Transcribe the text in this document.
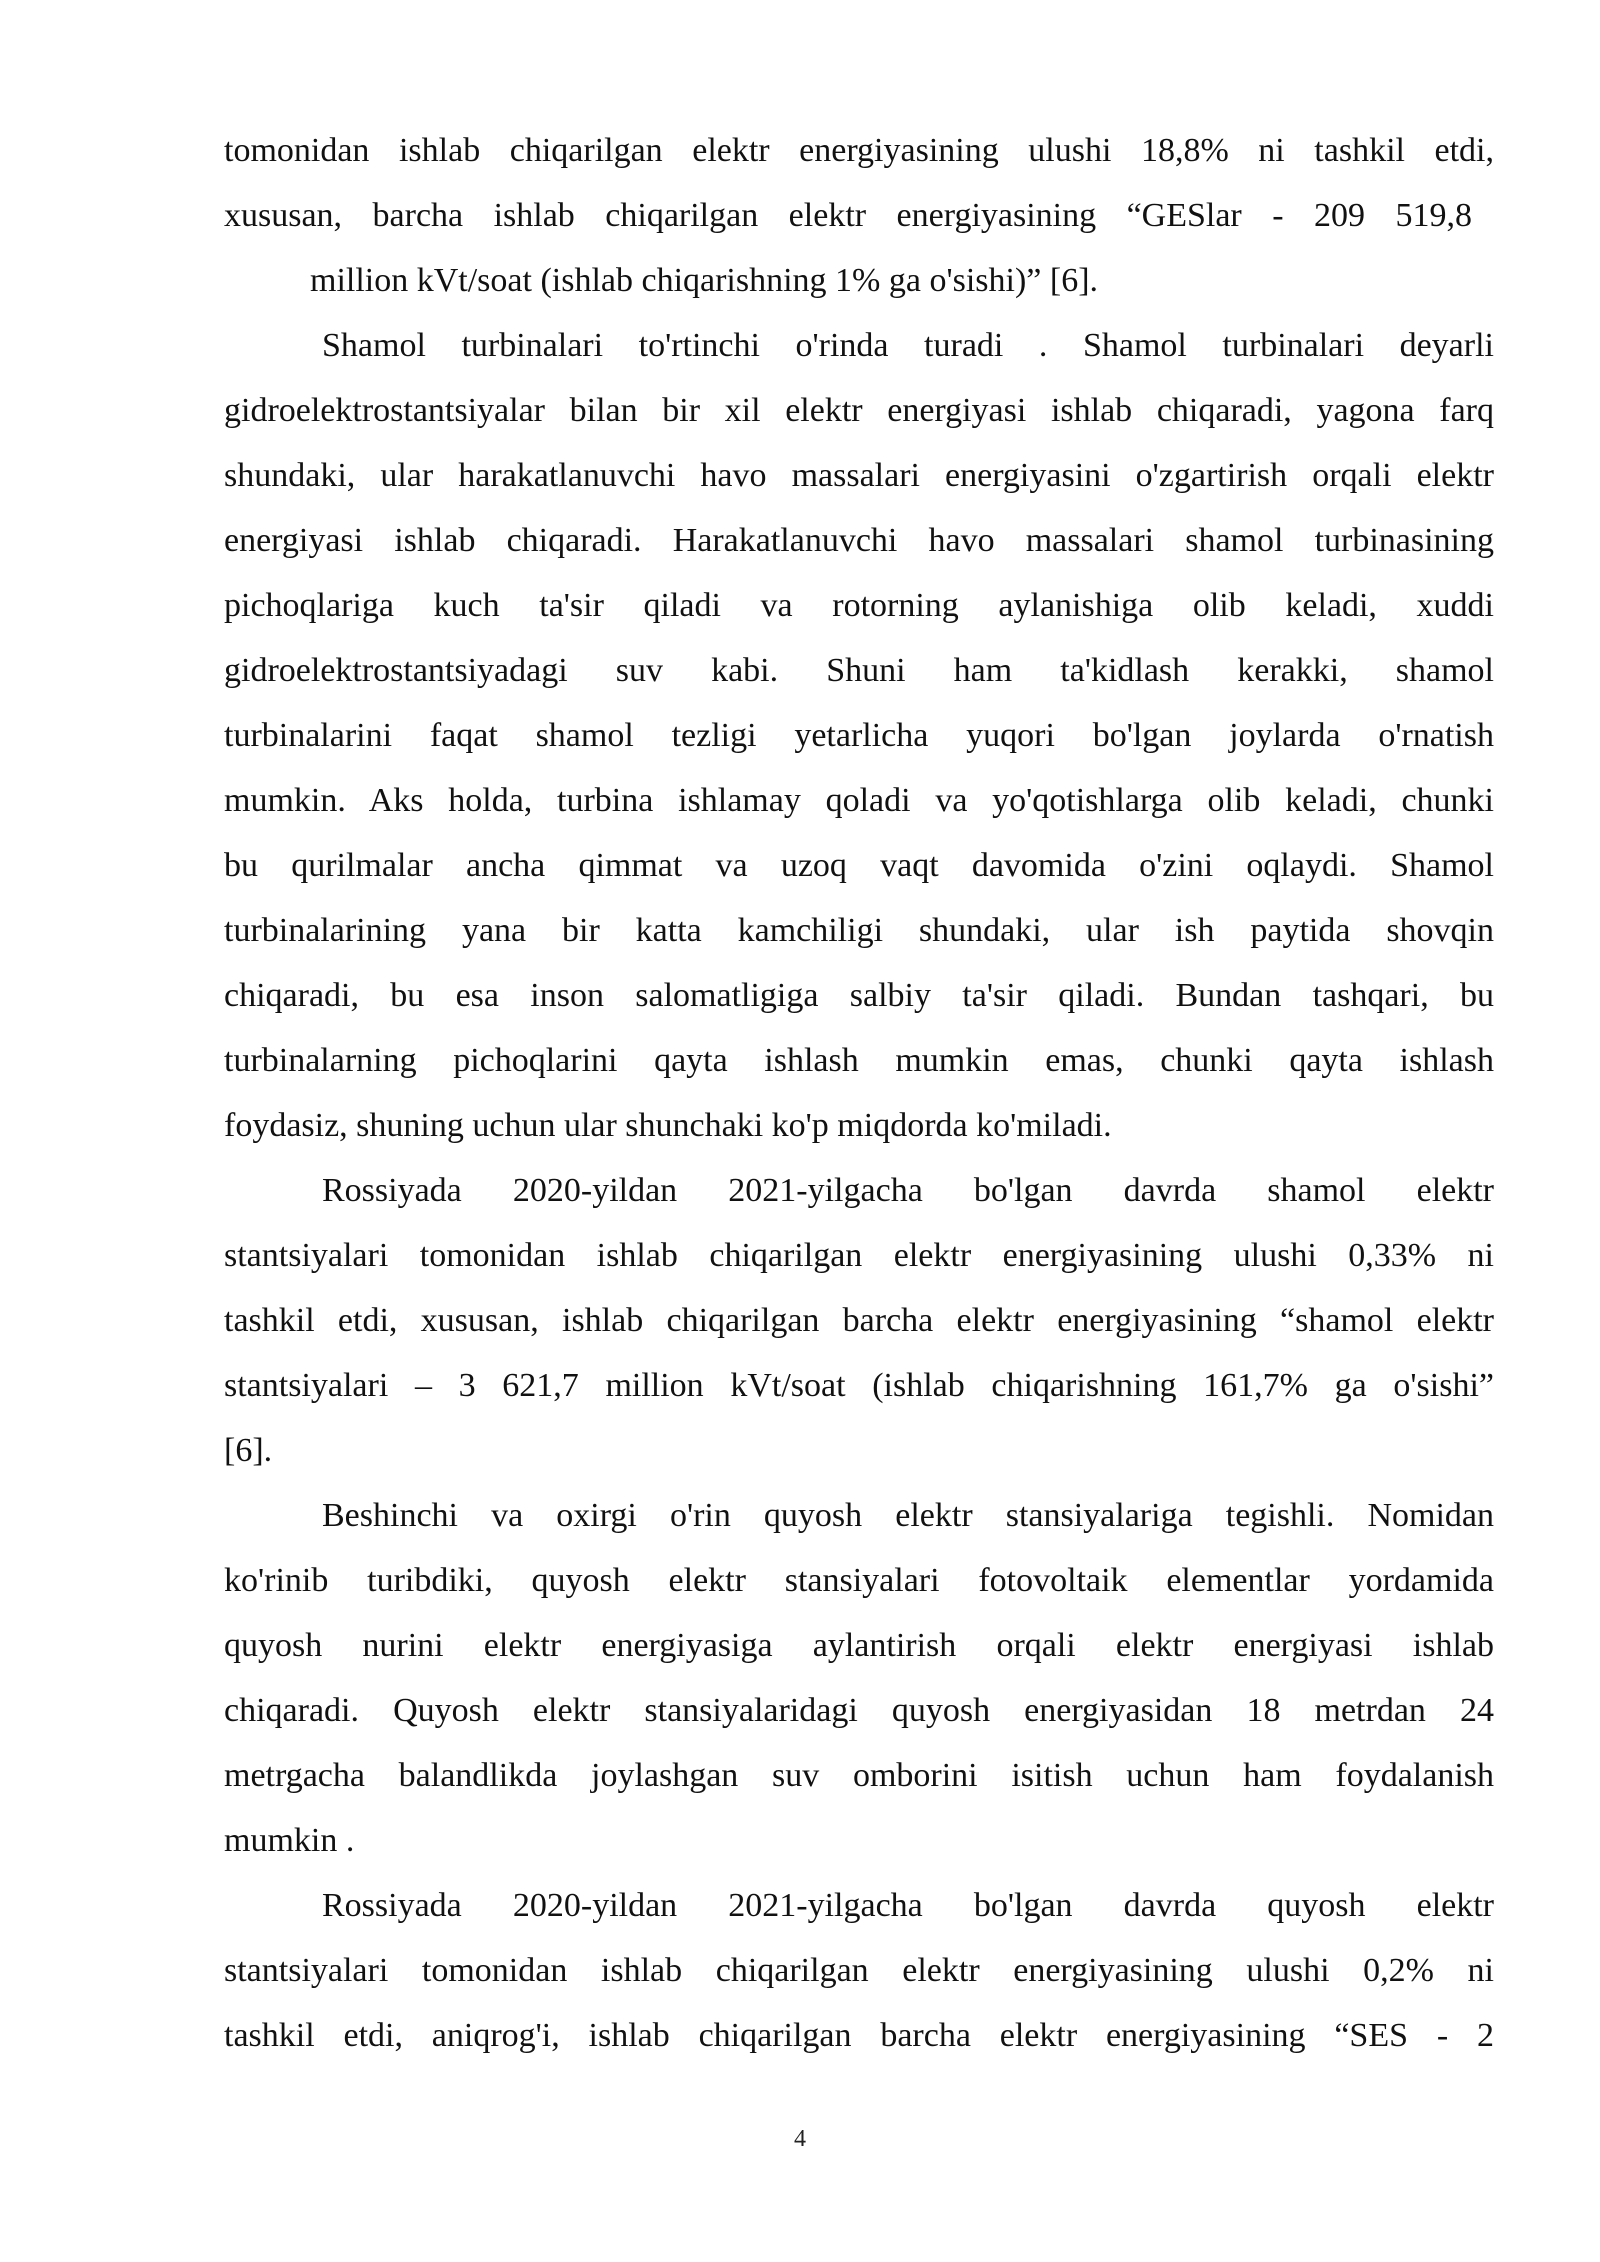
tomonidan ishlab chiqarilgan elektr energiyasining ulushi 18,8% ni tashkil etdi,
xususan, barcha ishlab chiqarilgan elektr energiyasining “GESlar - 209 519,8
million kVt/soat (ishlab chiqarishning 1% ga o'sishi)” [6].
Shamol turbinalari to'rtinchi o'rinda turadi . Shamol turbinalari deyarli
gidroelektrostantsiyalar bilan bir xil elektr energiyasi ishlab chiqaradi, yagona farq
shundaki, ular harakatlanuvchi havo massalari energiyasini o'zgartirish orqali elektr
energiyasi ishlab chiqaradi. Harakatlanuvchi havo massalari shamol turbinasining
pichoqlariga kuch ta'sir qiladi va rotorning aylanishiga olib keladi, xuddi
gidroelektrostantsiyadagi suv kabi. Shuni ham ta'kidlash kerakki, shamol
turbinalarini faqat shamol tezligi yetarlicha yuqori bo'lgan joylarda o'rnatish
mumkin. Aks holda, turbina ishlamay qoladi va yo'qotishlarga olib keladi, chunki
bu qurilmalar ancha qimmat va uzoq vaqt davomida o'zini oqlaydi. Shamol
turbinalarining yana bir katta kamchiligi shundaki, ular ish paytida shovqin
chiqaradi, bu esa inson salomatligiga salbiy ta'sir qiladi. Bundan tashqari, bu
turbinalarning pichoqlarini qayta ishlash mumkin emas, chunki qayta ishlash
foydasiz, shuning uchun ular shunchaki ko'p miqdorda ko'miladi.
Rossiyada 2020-yildan 2021-yilgacha bo'lgan davrda shamol elektr
stantsiyalari tomonidan ishlab chiqarilgan elektr energiyasining ulushi 0,33% ni
tashkil etdi, xususan, ishlab chiqarilgan barcha elektr energiyasining “shamol elektr
stantsiyalari – 3 621,7 million kVt/soat (ishlab chiqarishning 161,7% ga o'sishi”
[6].
Beshinchi va oxirgi o'rin quyosh elektr stansiyalariga tegishli. Nomidan
ko'rinib turibdiki, quyosh elektr stansiyalari fotovoltaik elementlar yordamida
quyosh nurini elektr energiyasiga aylantirish orqali elektr energiyasi ishlab
chiqaradi. Quyosh elektr stansiyalaridagi quyosh energiyasidan 18 metrdan 24
metrgacha balandlikda joylashgan suv omborini isitish uchun ham foydalanish
mumkin .
Rossiyada 2020-yildan 2021-yilgacha bo'lgan davrda quyosh elektr
stantsiyalari tomonidan ishlab chiqarilgan elektr energiyasining ulushi 0,2% ni
tashkil etdi, aniqrog'i, ishlab chiqarilgan barcha elektr energiyasining “SES - 2
4
